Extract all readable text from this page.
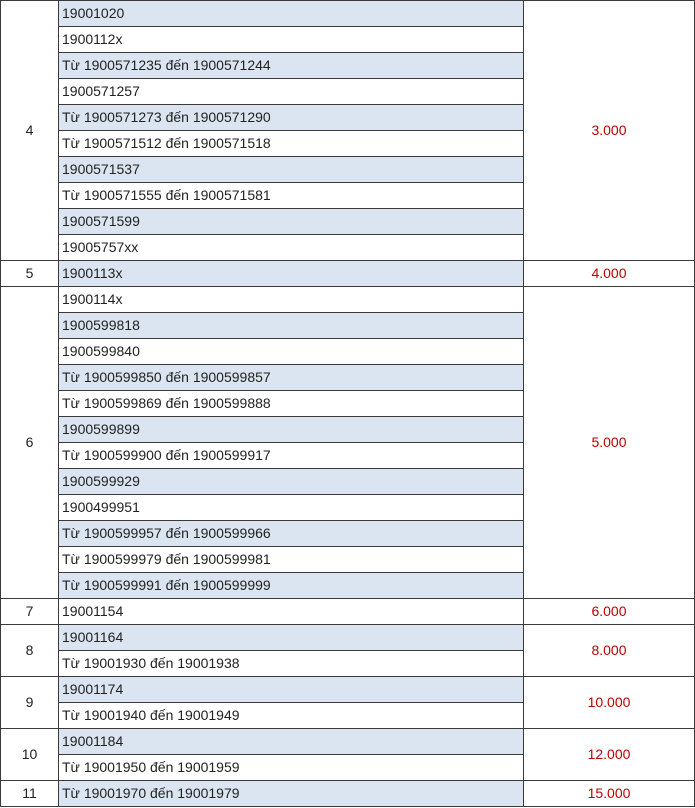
4	19001020	3.000
	1900112x	
	Từ 1900571235 đến 1900571244	
	1900571257	
	Từ 1900571273 đến 1900571290	
	Từ 1900571512 đến 1900571518	
	1900571537	
	Từ 1900571555 đến 1900571581	
	1900571599	
	19005757xx	
5	1900113x	4.000
6	1900114x	5.000
	1900599818	
	1900599840	
	Từ 1900599850 đến 1900599857	
	Từ 1900599869 đến 1900599888	
	1900599899	
	Từ 1900599900 đến 1900599917	
	1900599929	
	1900499951	
	Từ 1900599957 đến 1900599966	
	Từ 1900599979 đến 1900599981	
	Từ 1900599991 đến 1900599999	
7	19001154	6.000
8	19001164	8.000
	Từ 19001930 đến 19001938	
9	19001174	10.000
	Từ 19001940 đến 19001949	
10	19001184	12.000
	Từ 19001950 đến 19001959	
11	Từ 19001970 đến 19001979	15.000
